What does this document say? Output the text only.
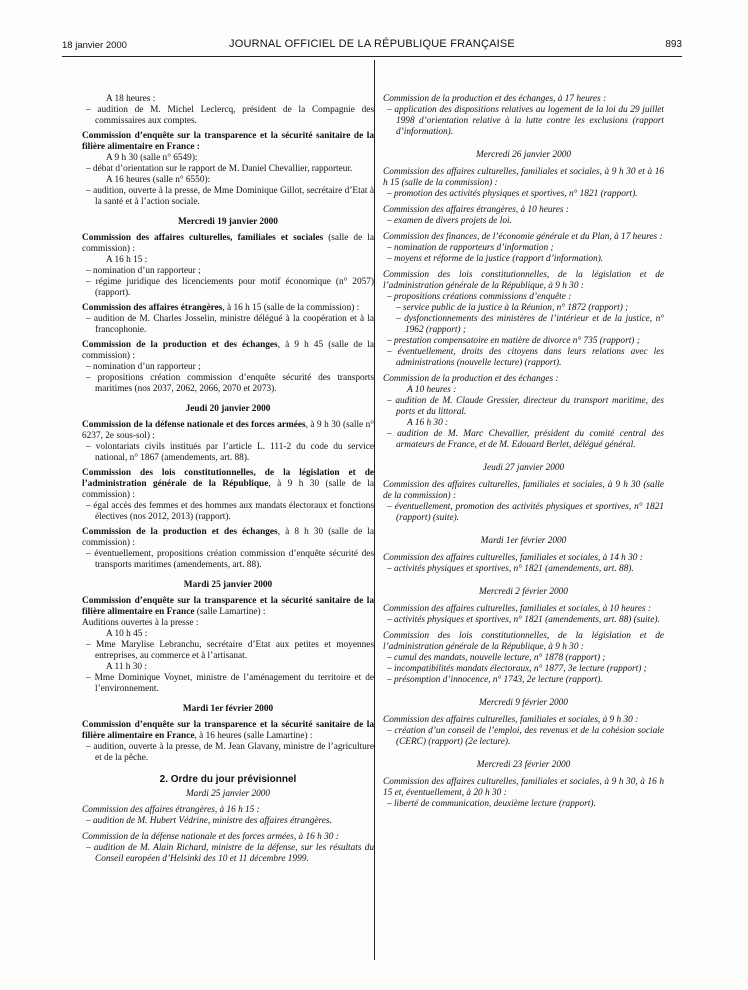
18 janvier 2000	JOURNAL OFFICIEL DE LA RÉPUBLIQUE FRANÇAISE	893

A 18 heures :

– audition de M. Michel Leclercq, président de la Compagnie des commissaires aux comptes.

Commission d’enquête sur la transparence et la sécurité sanitaire de la filière alimentaire en France :

A 9 h 30 (salle n° 6549):

– débat d’orientation sur le rapport de M. Daniel Chevallier, rapporteur.

A 16 heures (salle n° 6550):

– audition, ouverte à la presse, de Mme Dominique Gillot, secrétaire d’Etat à la santé et à l’action sociale.

Mercredi 19 janvier 2000

Commission des affaires culturelles, familiales et sociales (salle de la commission) :

A 16 h 15 :

– nomination d’un rapporteur ;

– régime juridique des licenciements pour motif économique (n° 2057) (rapport).

Commission des affaires étrangères, à 16 h 15 (salle de la commission) :

– audition de M. Charles Josselin, ministre délégué à la coopération et à la francophonie.

Commission de la production et des échanges, à 9 h 45 (salle de la commission) :

– nomination d’un rapporteur ;

– propositions création commission d’enquête sécurité des transports maritimes (nos 2037, 2062, 2066, 2070 et 2073).

Jeudi 20 janvier 2000

Commission de la défense nationale et des forces armées, à 9 h 30 (salle n° 6237, 2e sous-sol) :

– volontariats civils institués par l’article L. 111-2 du code du service national, n° 1867 (amendements, art. 88).

Commission des lois constitutionnelles, de la législation et de l’administration générale de la République, à 9 h 30 (salle de la commission) :

– égal accès des femmes et des hommes aux mandats électoraux et fonctions électives (nos 2012, 2013) (rapport).

Commission de la production et des échanges, à 8 h 30 (salle de la commission) :

– éventuellement, propositions création commission d’enquête sécurité des transports maritimes (amendements, art. 88).

Mardi 25 janvier 2000

Commission d’enquête sur la transparence et la sécurité sanitaire de la filière alimentaire en France (salle Lamartine) :

Auditions ouvertes à la presse :

A 10 h 45 :

– Mme Marylise Lebranchu, secrétaire d’Etat aux petites et moyennes entreprises, au commerce et à l’artisanat.

A 11 h 30 :

– Mme Dominique Voynet, ministre de l’aménagement du territoire et de l’environnement.

Mardi 1er février 2000

Commission d’enquête sur la transparence et la sécurité sanitaire de la filière alimentaire en France, à 16 heures (salle Lamartine) :

– audition, ouverte à la presse, de M. Jean Glavany, ministre de l’agriculture et de la pêche.

2. Ordre du jour prévisionnel

Mardi 25 janvier 2000

Commission des affaires étrangères, à 16 h 15 :

– audition de M. Hubert Védrine, ministre des affaires étrangères.

Commission de la défense nationale et des forces armées, à 16 h 30 :

– audition de M. Alain Richard, ministre de la défense, sur les résultats du Conseil européen d’Helsinki des 10 et 11 décembre 1999.

Commission de la production et des échanges, à 17 heures :

– application des dispositions relatives au logement de la loi du 29 juillet 1998 d’orientation relative à la lutte contre les exclusions (rapport d’information).

Mercredi 26 janvier 2000

Commission des affaires culturelles, familiales et sociales, à 9 h 30 et à 16 h 15 (salle de la commission) :

– promotion des activités physiques et sportives, n° 1821 (rapport).

Commission des affaires étrangères, à 10 heures :

– examen de divers projets de loi.

Commission des finances, de l’économie générale et du Plan, à 17 heures :

– nomination de rapporteurs d’information ;

– moyens et réforme de la justice (rapport d’information).

Commission des lois constitutionnelles, de la législation et de l’administration générale de la République, à 9 h 30 :

– propositions créations commissions d’enquête :

– service public de la justice à la Réunion, n° 1872 (rapport) ;

– dysfonctionnements des ministères de l’intérieur et de la justice, n° 1962 (rapport) ;

– prestation compensatoire en matière de divorce n° 735 (rapport) ;

– éventuellement, droits des citoyens dans leurs relations avec les administrations (nouvelle lecture) (rapport).

Commission de la production et des échanges :

A 10 heures :

– audition de M. Claude Gressier, directeur du transport maritime, des ports et du littoral.

A 16 h 30 :

– audition de M. Marc Chevallier, président du comité central des armateurs de France, et de M. Edouard Berlet, délégué général.

Jeudi 27 janvier 2000

Commission des affaires culturelles, familiales et sociales, à 9 h 30 (salle de la commission) :

– éventuellement, promotion des activités physiques et sportives, n° 1821 (rapport) (suite).

Mardi 1er février 2000

Commission des affaires culturelles, familiales et sociales, à 14 h 30 :

– activités physiques et sportives, n° 1821 (amendements, art. 88).

Mercredi 2 février 2000

Commission des affaires culturelles, familiales et sociales, à 10 heures :

– activités physiques et sportives, n° 1821 (amendements, art. 88) (suite).

Commission des lois constitutionnelles, de la législation et de l’administration générale de la République, à 9 h 30 :

– cumul des mandats, nouvelle lecture, n° 1878 (rapport) ;

– incompatibilités mandats électoraux, n° 1877, 3e lecture (rapport) ;

– présomption d’innocence, n° 1743, 2e lecture (rapport).

Mercredi 9 février 2000

Commission des affaires culturelles, familiales et sociales, à 9 h 30 :

– création d’un conseil de l’emploi, des revenus et de la cohésion sociale (CERC) (rapport) (2e lecture).

Mercredi 23 février 2000

Commission des affaires culturelles, familiales et sociales, à 9 h 30, à 16 h 15 et, éventuellement, à 20 h 30 :

– liberté de communication, deuxième lecture (rapport).
